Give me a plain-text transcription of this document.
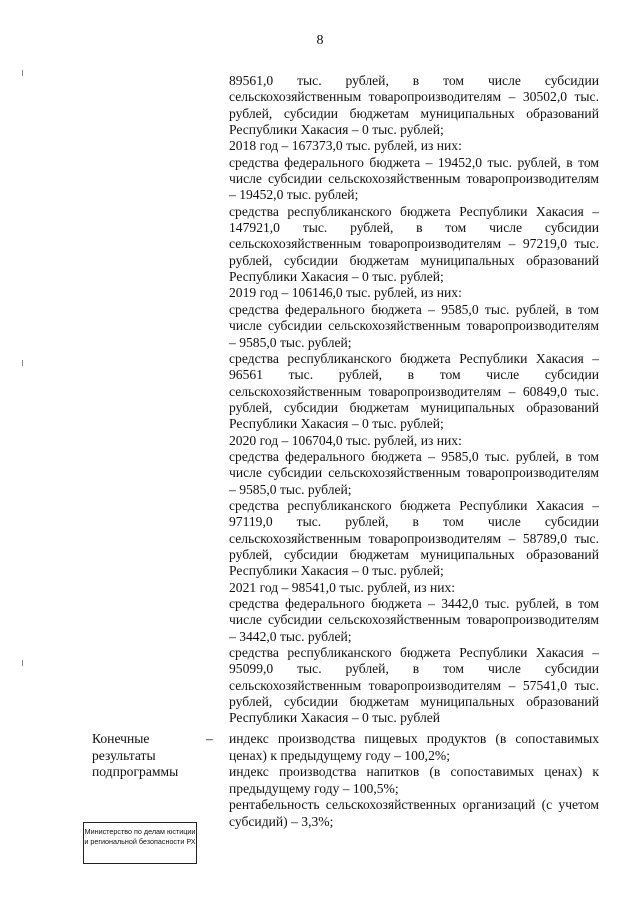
8

89561,0 тыс. рублей, в том числе субсидии сельскохозяйственным товаропроизводителям – 30502,0 тыс. рублей, субсидии бюджетам муниципальных образований Республики Хакасия – 0 тыс. рублей;

2018 год – 167373,0 тыс. рублей, из них:

средства федерального бюджета – 19452,0 тыс. рублей, в том числе субсидии сельскохозяйственным товаропроизводителям – 19452,0 тыс. рублей;

средства республиканского бюджета Республики Хакасия – 147921,0 тыс. рублей, в том числе субсидии сельскохозяйственным товаропроизводителям – 97219,0 тыс. рублей, субсидии бюджетам муниципальных образований Республики Хакасия – 0 тыс. рублей;

2019 год – 106146,0 тыс. рублей, из них:

средства федерального бюджета – 9585,0 тыс. рублей, в том числе субсидии сельскохозяйственным товаропроизводителям – 9585,0 тыс. рублей;

средства республиканского бюджета Республики Хакасия – 96561 тыс. рублей, в том числе субсидии сельскохозяйственным товаропроизводителям – 60849,0 тыс. рублей, субсидии бюджетам муниципальных образований Республики Хакасия – 0 тыс. рублей;

2020 год – 106704,0 тыс. рублей, из них:

средства федерального бюджета – 9585,0 тыс. рублей, в том числе субсидии сельскохозяйственным товаропроизводителям – 9585,0 тыс. рублей;

средства республиканского бюджета Республики Хакасия – 97119,0 тыс. рублей, в том числе субсидии сельскохозяйственным товаропроизводителям – 58789,0 тыс. рублей, субсидии бюджетам муниципальных образований Республики Хакасия – 0 тыс. рублей;

2021 год – 98541,0 тыс. рублей, из них:

средства федерального бюджета – 3442,0 тыс. рублей, в том числе субсидии сельскохозяйственным товаропроизводителям – 3442,0 тыс. рублей;

средства республиканского бюджета Республики Хакасия – 95099,0 тыс. рублей, в том числе субсидии сельскохозяйственным товаропроизводителям – 57541,0 тыс. рублей, субсидии бюджетам муниципальных образований Республики Хакасия – 0 тыс. рублей

Конечные результаты подпрограммы
– индекс производства пищевых продуктов (в сопоставимых ценах) к предыдущему году – 100,2%;

индекс производства напитков (в сопоставимых ценах) к предыдущему году – 100,5%;

рентабельность сельскохозяйственных организаций (с учетом субсидий) – 3,3%;

Министерство по делам юстиции и региональной безопасности РХ
